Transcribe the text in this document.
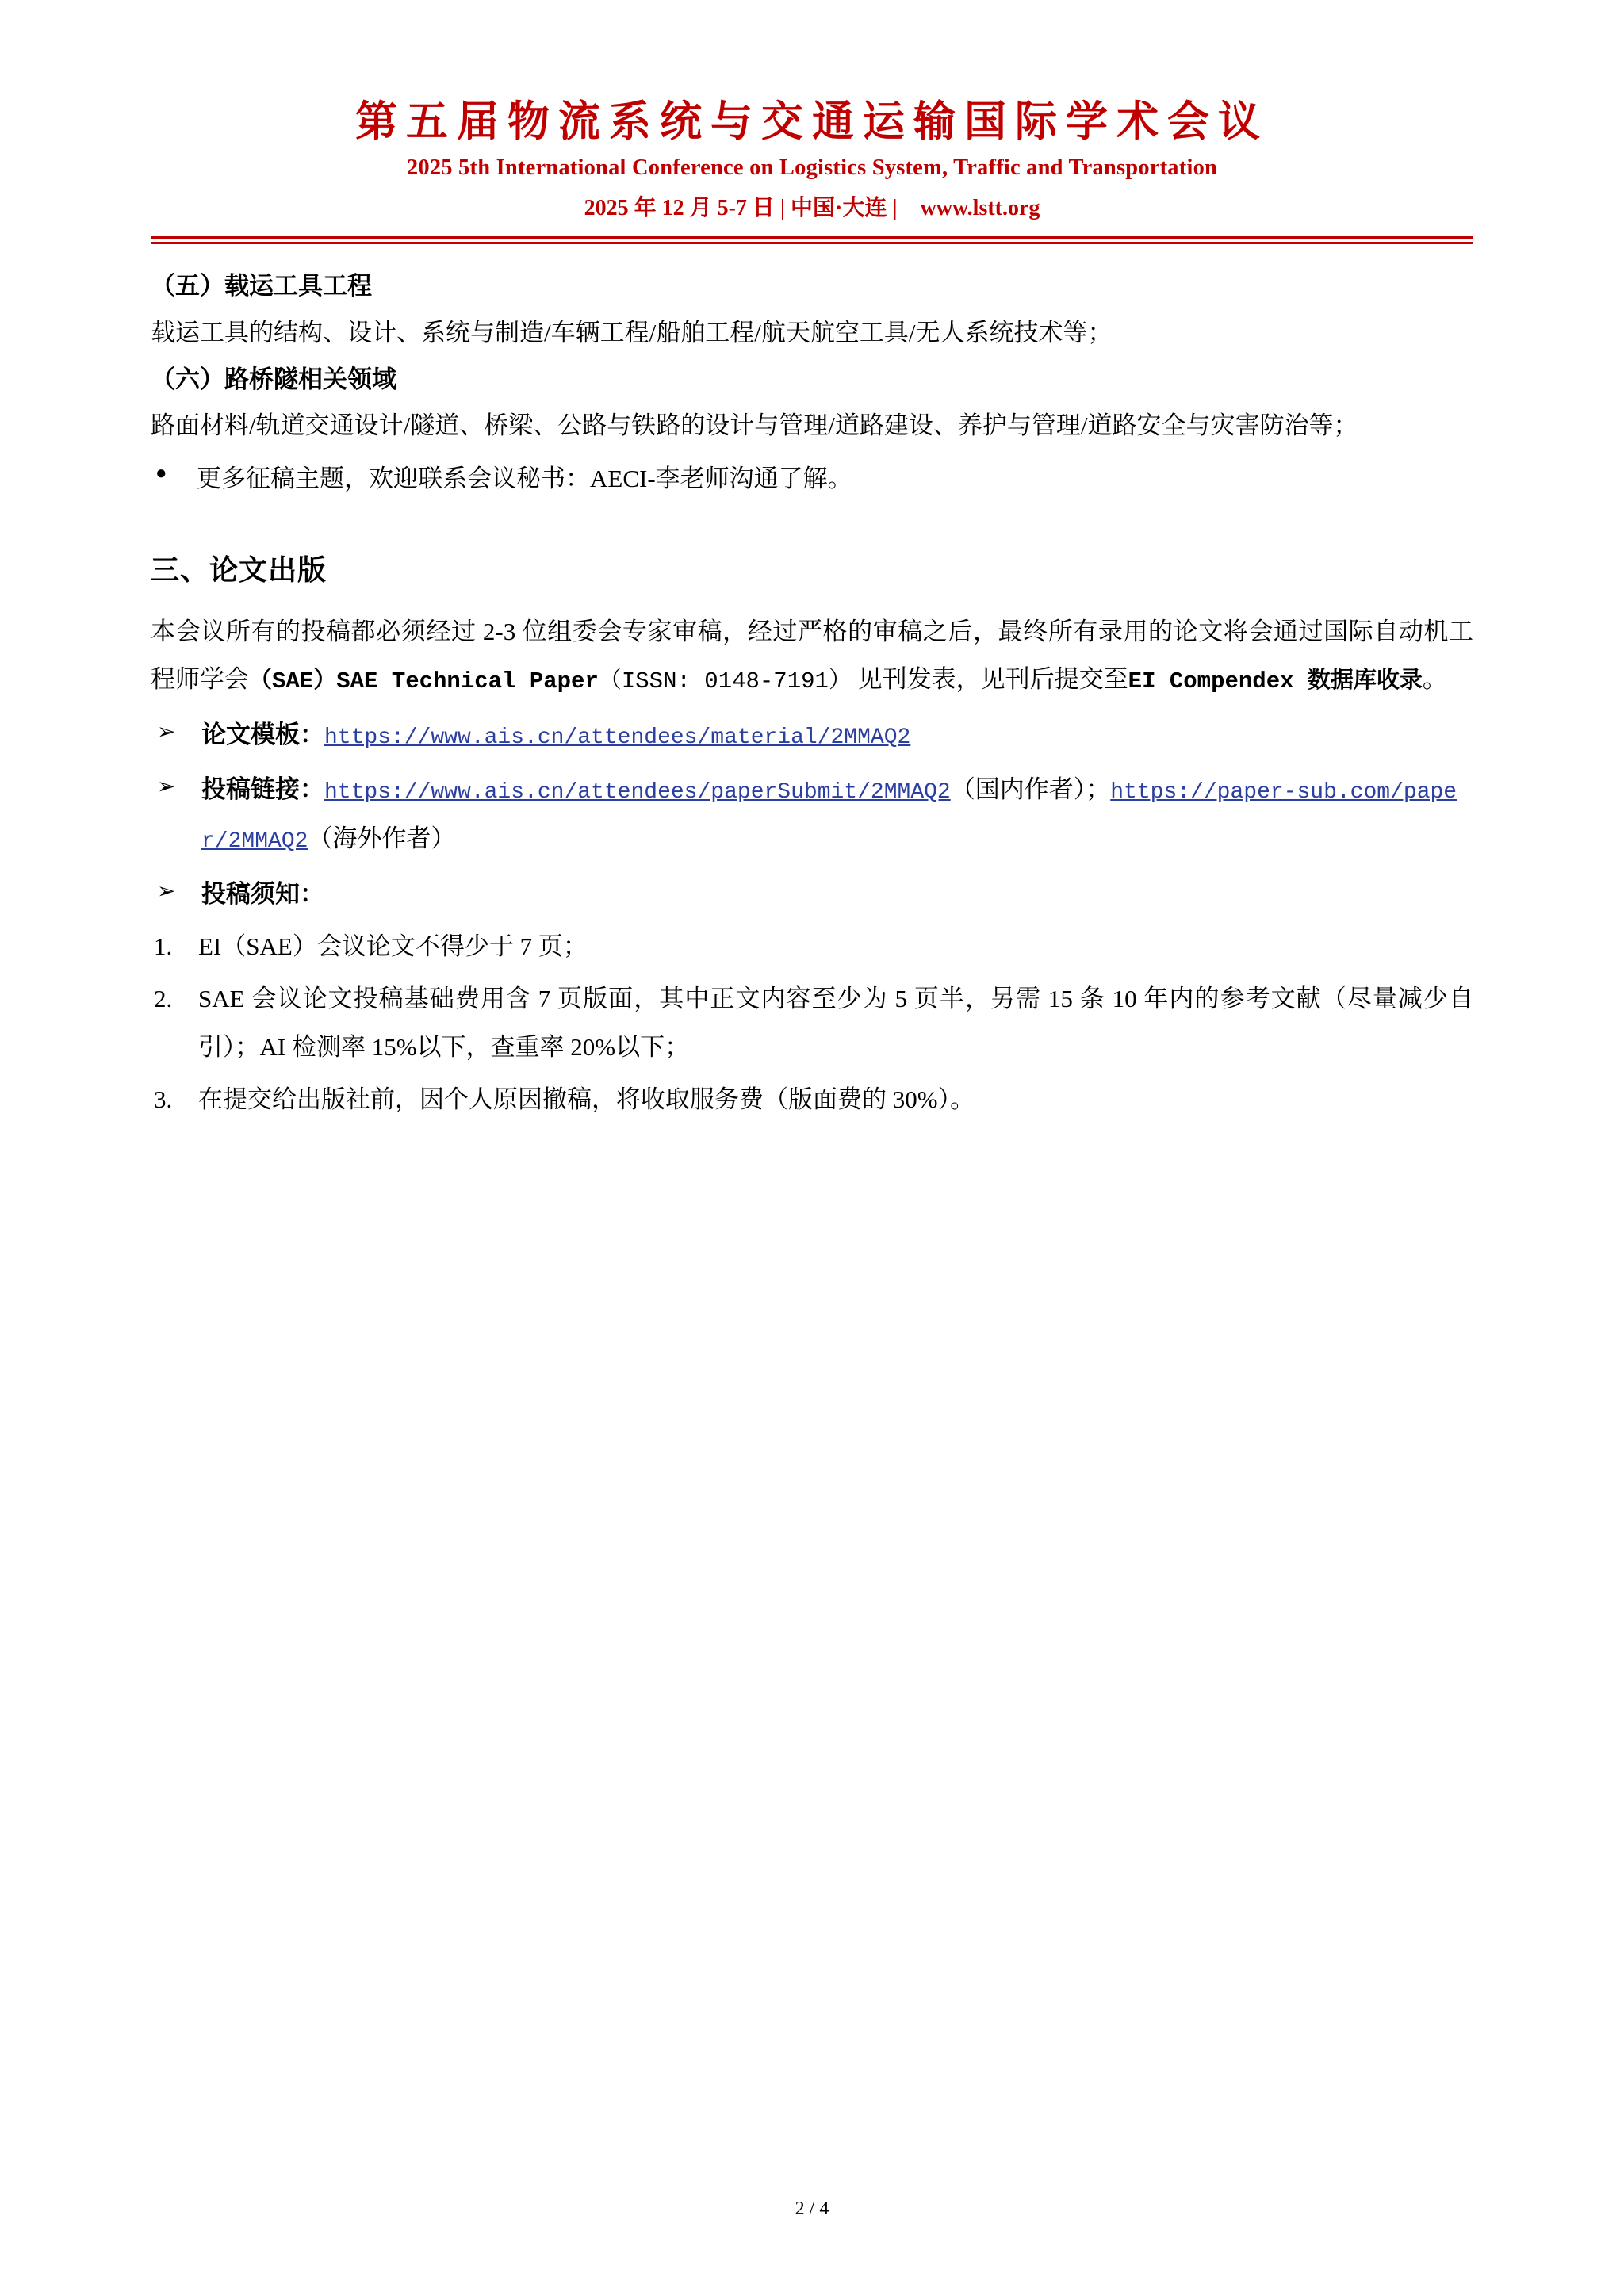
第五届物流系统与交通运输国际学术会议
2025 5th International Conference on Logistics System, Traffic and Transportation
2025 年 12 月 5-7 日 | 中国·大连 | www.lstt.org

（五）载运工具工程

载运工具的结构、设计、系统与制造/车辆工程/船舶工程/航天航空工具/无人系统技术等；

（六）路桥隧相关领域

路面材料/轨道交通设计/隧道、桥梁、公路与铁路的设计与管理/道路建设、养护与管理/道路安全与灾害防治等；

●	更多征稿主题，欢迎联系会议秘书：AECI-李老师沟通了解。
三、论文出版

本会议所有的投稿都必须经过 2-3 位组委会专家审稿，经过严格的审稿之后，最终所有录用的论文将会通过国际自动机工程师学会（SAE）SAE Technical Paper（ISSN: 0148-7191） 见刊发表，见刊后提交至EI Compendex 数据库收录。

➢	论文模板：https://www.ais.cn/attendees/material/2MMAQ2
➢	投稿链接：https://www.ais.cn/attendees/paperSubmit/2MMAQ2（国内作者）；https://paper-sub.com/paper/2MMAQ2（海外作者）
➢	投稿须知：
1.	EI（SAE）会议论文不得少于 7 页；
2.	SAE 会议论文投稿基础费用含 7 页版面，其中正文内容至少为 5 页半，另需 15 条 10 年内的参考文献（尽量减少自引）；AI 检测率 15%以下，查重率 20%以下；
3.	在提交给出版社前，因个人原因撤稿，将收取服务费（版面费的 30%）。
2 / 4
